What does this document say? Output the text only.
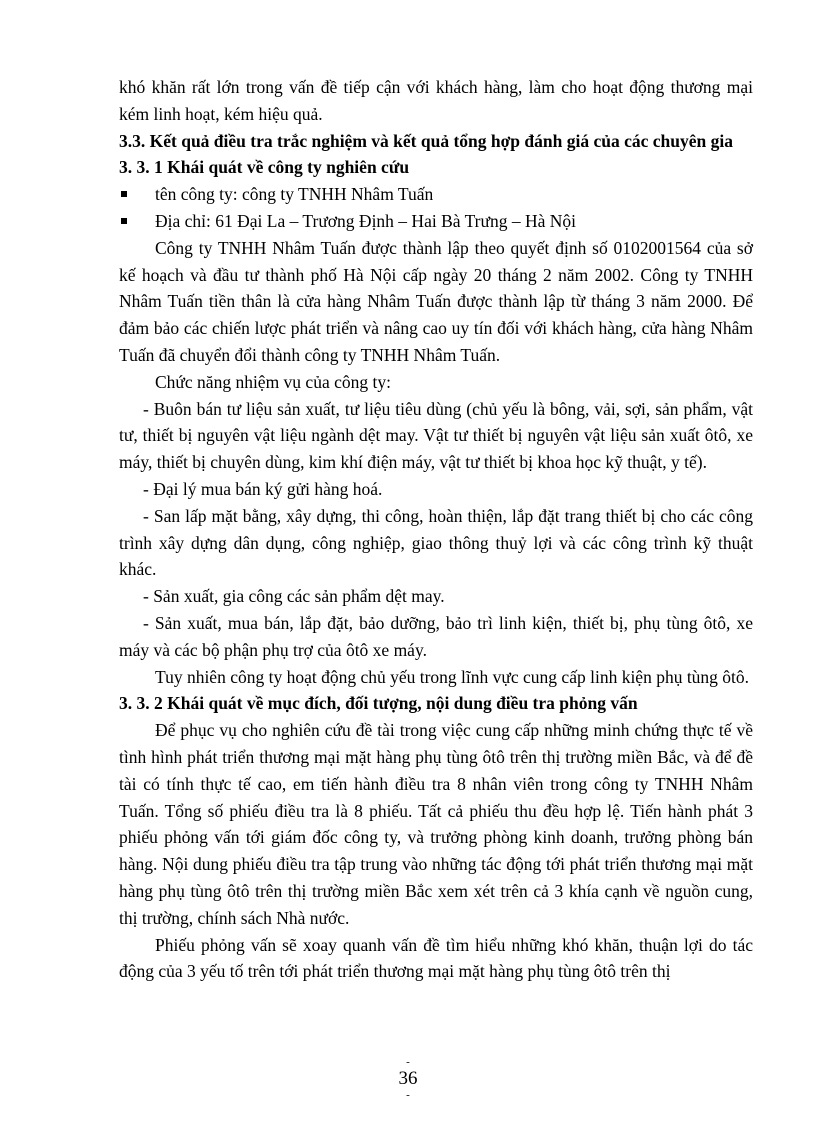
khó khăn rất lớn trong vấn đề tiếp cận với khách hàng, làm cho hoạt động thương mại kém linh hoạt, kém hiệu quả.

3.3. Kết quả điều tra trắc nghiệm và kết quả tổng hợp đánh giá của các chuyên gia
3. 3. 1 Khái quát về công ty nghiên cứu
tên công ty: công ty TNHH Nhâm Tuấn
Địa chỉ: 61 Đại La – Trương Định – Hai Bà Trưng – Hà Nội

Công ty TNHH Nhâm Tuấn được thành lập theo quyết định số 0102001564 của sở kế hoạch và đầu tư thành phố Hà Nội cấp ngày 20 tháng 2 năm 2002. Công ty TNHH Nhâm Tuấn tiền thân là cửa hàng Nhâm Tuấn được thành lập từ tháng 3 năm 2000. Để đảm bảo các chiến lược phát triển và nâng cao uy tín đối với khách hàng, cửa hàng Nhâm Tuấn đã chuyển đổi thành công ty TNHH Nhâm Tuấn.

Chức năng nhiệm vụ của công ty:

- Buôn bán tư liệu sản xuất, tư liệu tiêu dùng (chủ yếu là bông, vải, sợi, sản phẩm, vật tư, thiết bị nguyên vật liệu ngành dệt may. Vật tư thiết bị nguyên vật liệu sản xuất ôtô, xe máy, thiết bị chuyên dùng, kim khí điện máy, vật tư thiết bị khoa học kỹ thuật, y tế).

- Đại lý mua bán ký gửi hàng hoá.

- San lấp mặt bằng, xây dựng, thi công, hoàn thiện, lắp đặt trang thiết bị cho các công trình xây dựng dân dụng, công nghiệp, giao thông thuỷ lợi và các công trình kỹ thuật khác.

- Sản xuất, gia công các sản phẩm dệt may.

- Sản xuất, mua bán, lắp đặt, bảo dưỡng, bảo trì linh kiện, thiết bị, phụ tùng ôtô, xe máy và các bộ phận phụ trợ của ôtô xe máy.

Tuy nhiên công ty hoạt động chủ yếu trong lĩnh vực cung cấp linh kiện phụ tùng ôtô.

3. 3. 2 Khái quát về mục đích, đối tượng, nội dung điều tra phỏng vấn

Để phục vụ cho nghiên cứu đề tài trong việc cung cấp những minh chứng thực tế về tình hình phát triển thương mại mặt hàng phụ tùng ôtô trên thị trường miền Bắc, và để đề tài có tính thực tế cao, em tiến hành điều tra 8 nhân viên trong công ty TNHH Nhâm Tuấn. Tổng số phiếu điều tra là 8 phiếu. Tất cả phiếu thu đều hợp lệ. Tiến hành phát 3 phiếu phỏng vấn tới giám đốc công ty, và trưởng phòng kinh doanh, trưởng phòng bán hàng. Nội dung phiếu điều tra tập trung vào những tác động tới phát triển thương mại mặt hàng phụ tùng ôtô trên thị trường miền Bắc xem xét trên cả 3 khía cạnh về nguồn cung, thị trường, chính sách Nhà nước.

Phiếu phỏng vấn sẽ xoay quanh vấn đề tìm hiểu những khó khăn, thuận lợi do tác động của 3 yếu tố trên tới phát triển thương mại mặt hàng phụ tùng ôtô trên thị

-
36
-
